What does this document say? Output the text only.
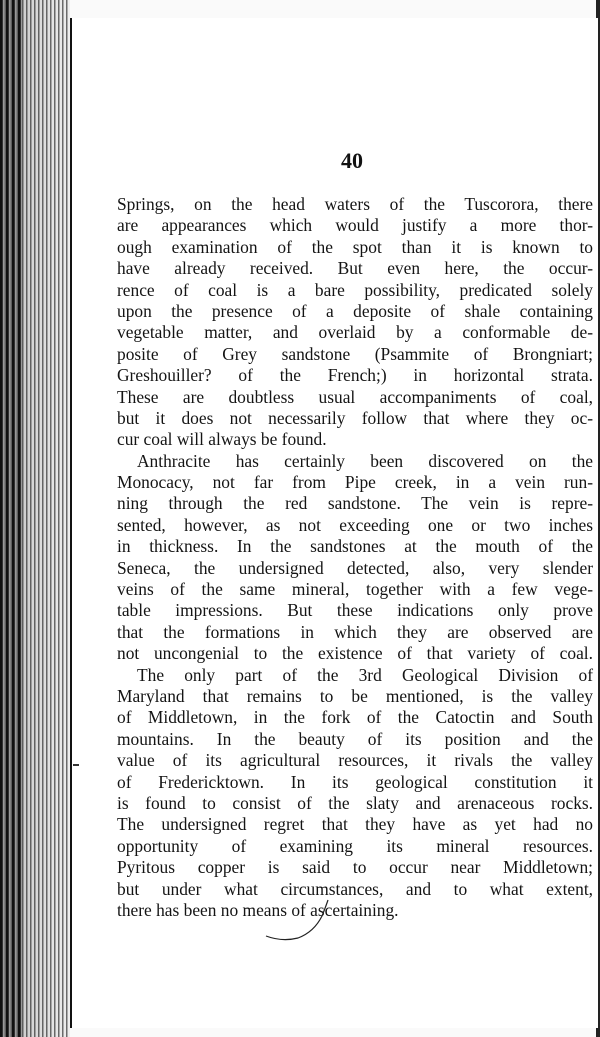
40
Springs, on the head waters of the Tuscorora, there
are appearances which would justify a more thor-
ough examination of the spot than it is known to
have already received. But even here, the occur-
rence of coal is a bare possibility, predicated solely
upon the presence of a deposite of shale containing
vegetable matter, and overlaid by a conformable de-
posite of Grey sandstone (Psammite of Brongniart;
Greshouiller? of the French;) in horizontal strata.
These are doubtless usual accompaniments of coal,
but it does not necessarily follow that where they oc-
cur coal will always be found.
Anthracite has certainly been discovered on the
Monocacy, not far from Pipe creek, in a vein run-
ning through the red sandstone. The vein is repre-
sented, however, as not exceeding one or two inches
in thickness. In the sandstones at the mouth of the
Seneca, the undersigned detected, also, very slender
veins of the same mineral, together with a few vege-
table impressions. But these indications only prove
that the formations in which they are observed are
not uncongenial to the existence of that variety of coal.
The only part of the 3rd Geological Division of
Maryland that remains to be mentioned, is the valley
of Middletown, in the fork of the Catoctin and South
mountains. In the beauty of its position and the
value of its agricultural resources, it rivals the valley
of Fredericktown. In its geological constitution it
is found to consist of the slaty and arenaceous rocks.
The undersigned regret that they have as yet had no
opportunity of examining its mineral resources.
Pyritous copper is said to occur near Middletown;
but under what circumstances, and to what extent,
there has been no means of ascertaining.
